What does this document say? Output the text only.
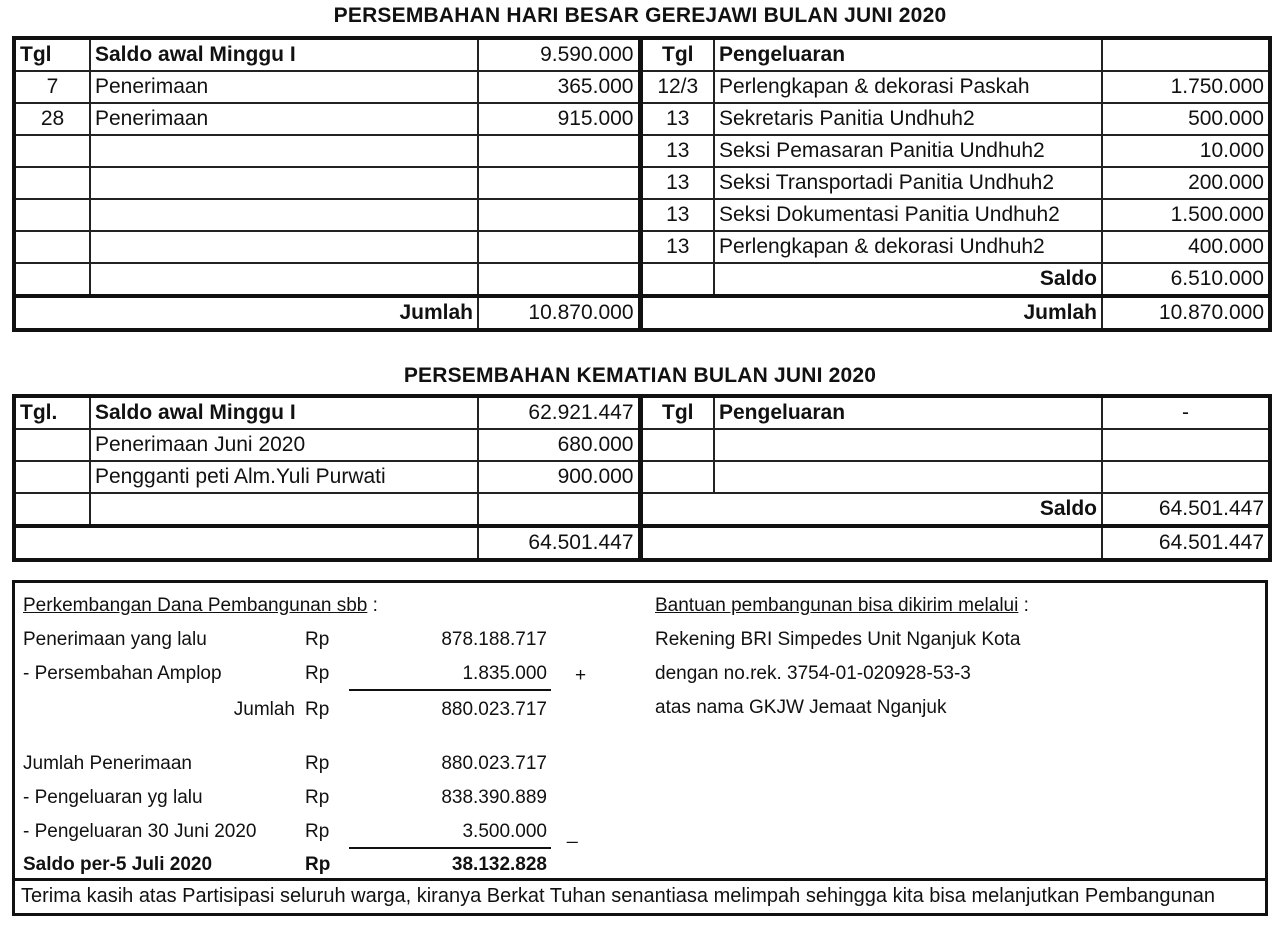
PERSEMBAHAN HARI BESAR GEREJAWI BULAN JUNI 2020
Tgl	Saldo awal Minggu I	9.590.000	Tgl	Pengeluaran	
7	Penerimaan	365.000	12/3	Perlengkapan & dekorasi Paskah	1.750.000
28	Penerimaan	915.000	13	Sekretaris Panitia Undhuh2	500.000
			13	Seksi Pemasaran Panitia Undhuh2	10.000
			13	Seksi Transportadi Panitia Undhuh2	200.000
			13	Seksi Dokumentasi Panitia Undhuh2	1.500.000
			13	Perlengkapan & dekorasi Undhuh2	400.000
				Saldo	6.510.000
Jumlah		10.870.000	Jumlah		10.870.000
PERSEMBAHAN KEMATIAN BULAN JUNI 2020
Tgl.	Saldo awal Minggu I	62.921.447	Tgl	Pengeluaran	-
	Penerimaan Juni 2020	680.000			
	Pengganti peti Alm.Yuli Purwati	900.000			
			Saldo		64.501.447
		64.501.447			64.501.447
Perkembangan Dana Pembangunan sbb :
Penerimaan yang lalu	Rp	878.188.717
- Persembahan Amplop	Rp	1.835.000 +
Jumlah Rp	880.023.717
Jumlah Penerimaan	Rp	880.023.717
- Pengeluaran yg lalu	Rp	838.390.889
- Pengeluaran 30 Juni 2020	Rp	3.500.000 _
Saldo per-5 Juli 2020	Rp	38.132.828
Bantuan pembangunan bisa dikirim melalui :
Rekening BRI Simpedes Unit Nganjuk Kota
dengan no.rek. 3754-01-020928-53-3
atas nama GKJW Jemaat Nganjuk
Terima kasih atas Partisipasi seluruh warga, kiranya Berkat Tuhan senantiasa melimpah sehingga kita bisa melanjutkan Pembangunan
